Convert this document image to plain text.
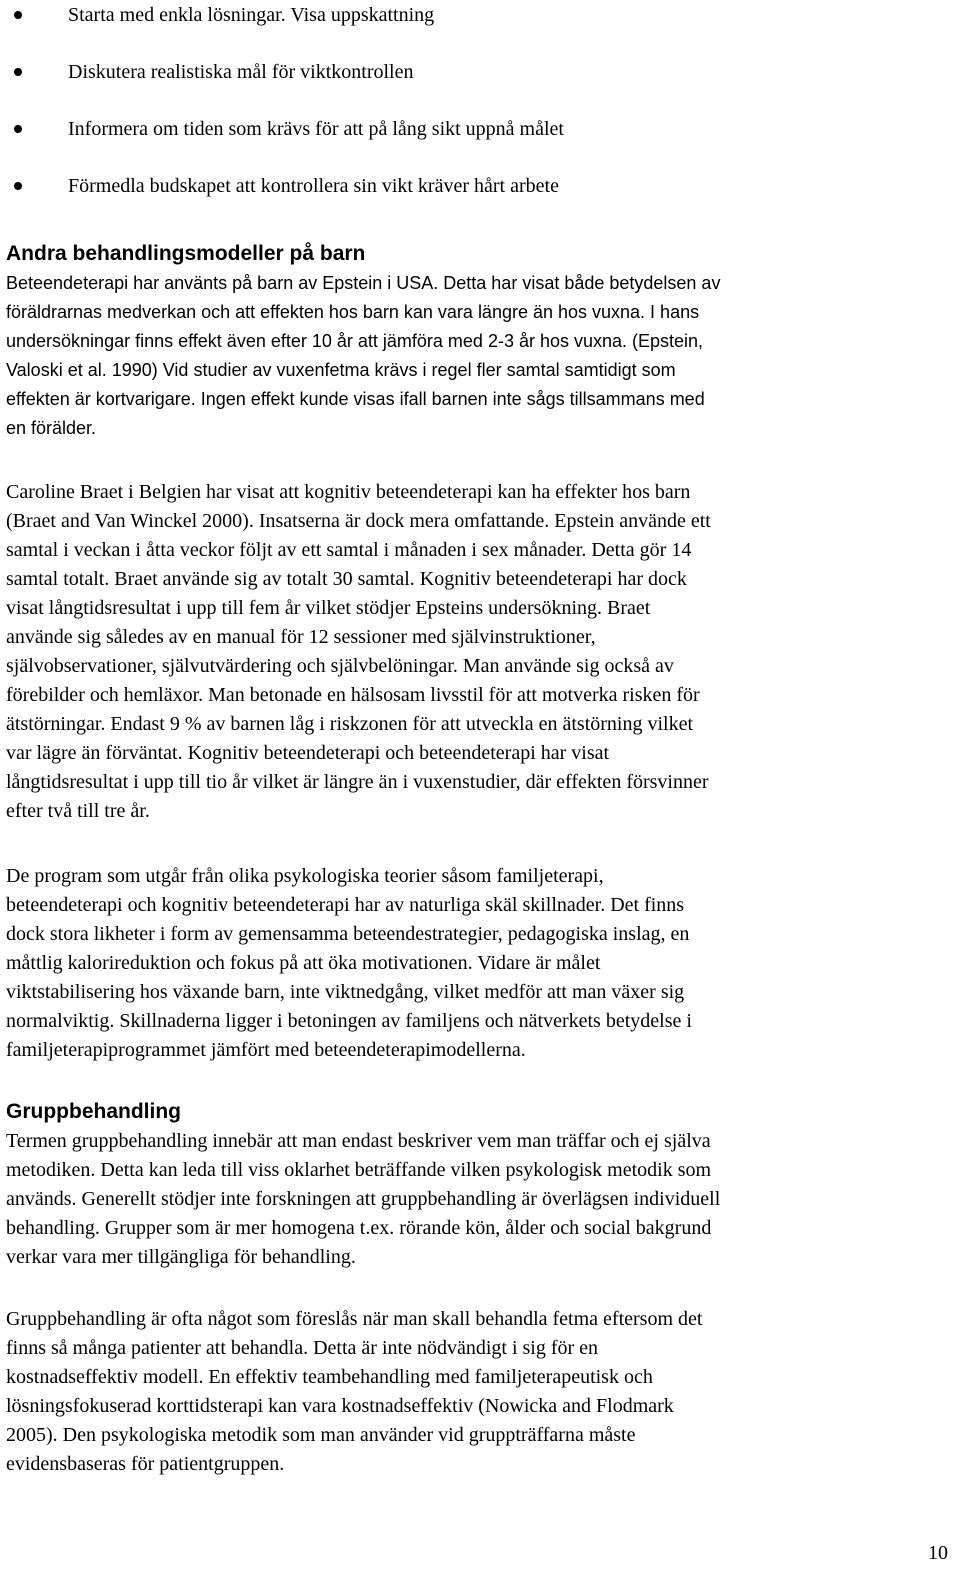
Starta med enkla lösningar. Visa uppskattning
Diskutera realistiska mål för viktkontrollen
Informera om tiden som krävs för att på lång sikt uppnå målet
Förmedla budskapet att kontrollera sin vikt kräver hårt arbete
Andra behandlingsmodeller på barn
Beteendeterapi har använts på barn av Epstein i USA. Detta har visat både betydelsen av
föräldrarnas medverkan och att effekten hos barn kan vara längre än hos vuxna. I hans
undersökningar finns effekt även efter 10 år att jämföra med 2-3 år hos vuxna. (Epstein,
Valoski et al. 1990) Vid studier av vuxenfetma krävs i regel fler samtal samtidigt som
effekten är kortvarigare. Ingen effekt kunde visas ifall barnen inte sågs tillsammans med
en förälder.
Caroline Braet i Belgien har visat att kognitiv beteendeterapi kan ha effekter hos barn
(Braet and Van Winckel 2000). Insatserna är dock mera omfattande. Epstein använde ett
samtal i veckan i åtta veckor följt av ett samtal i månaden i sex månader. Detta gör 14
samtal totalt. Braet använde sig av totalt 30 samtal. Kognitiv beteendeterapi har dock
visat långtidsresultat i upp till fem år vilket stödjer Epsteins undersökning. Braet
använde sig således av en manual för 12 sessioner med självinstruktioner,
självobservationer, självutvärdering och självbelöningar. Man använde sig också av
förebilder och hemläxor. Man betonade en hälsosam livsstil för att motverka risken för
ätstörningar. Endast 9 % av barnen låg i riskzonen för att utveckla en ätstörning vilket
var lägre än förväntat. Kognitiv beteendeterapi och beteendeterapi har visat
långtidsresultat i upp till tio år vilket är längre än i vuxenstudier, där effekten försvinner
efter två till tre år.
De program som utgår från olika psykologiska teorier såsom familjeterapi,
beteendeterapi och kognitiv beteendeterapi har av naturliga skäl skillnader. Det finns
dock stora likheter i form av gemensamma beteendestrategier, pedagogiska inslag, en
måttlig kalorireduktion och fokus på att öka motivationen. Vidare är målet
viktstabilisering hos växande barn, inte viktnedgång, vilket medför att man växer sig
normalviktig. Skillnaderna ligger i betoningen av familjens och nätverkets betydelse i
familjeterapiprogrammet jämfört med beteendeterapimodellerna.
Gruppbehandling
Termen gruppbehandling innebär att man endast beskriver vem man träffar och ej själva
metodiken. Detta kan leda till viss oklarhet beträffande vilken psykologisk metodik som
används. Generellt stödjer inte forskningen att gruppbehandling är överlägsen individuell
behandling. Grupper som är mer homogena t.ex. rörande kön, ålder och social bakgrund
verkar vara mer tillgängliga för behandling.
Gruppbehandling är ofta något som föreslås när man skall behandla fetma eftersom det
finns så många patienter att behandla. Detta är inte nödvändigt i sig för en
kostnadseffektiv modell. En effektiv teambehandling med familjeterapeutisk och
lösningsfokuserad korttidsterapi kan vara kostnadseffektiv (Nowicka and Flodmark
2005). Den psykologiska metodik som man använder vid gruppträffarna måste
evidensbaseras för patientgruppen.
10
